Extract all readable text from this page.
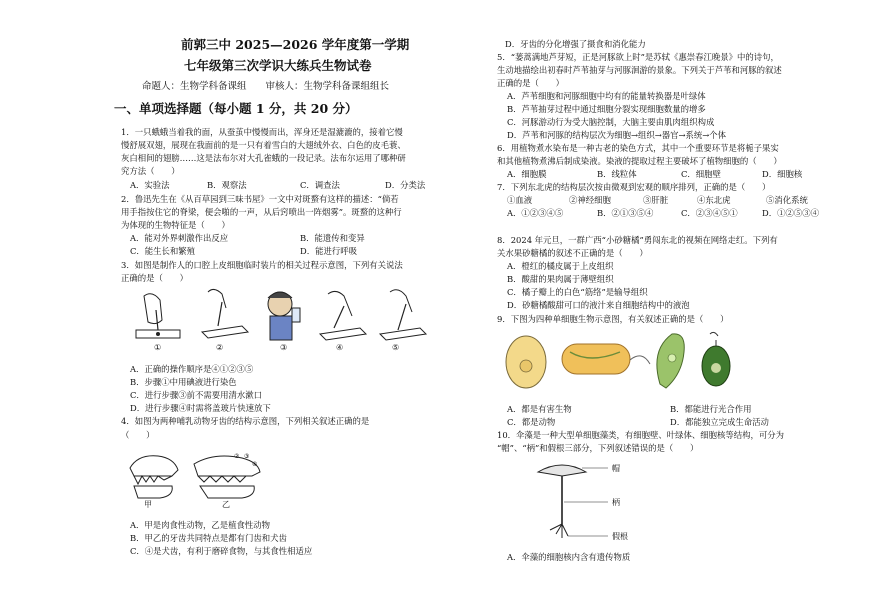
前郭三中 2025—2026 学年度第一学期
七年级第三次学识大练兵生物试卷
命题人：生物学科备课组　　审核人：生物学科备课组组长
一、单项选择题（每小题 1 分，共 20 分）
1．一只蛾蛾当着我的面，从蚕茧中慢慢而出，浑身还是湿漉漉的，接着它慢
慢舒展双翅，展现在我面前的是一只有着雪白的大翅绒外衣、白色的皮毛蓑、
灰白相间的翅膀……这是法布尔对大孔雀蛾的一段记录。法布尔运用了哪种研
究方法（　　）
A．实验法	B．观察法	C．调查法	D．分类法
2．鲁迅先生在《从百草园到三味书屋》一文中对斑蝥有这样的描述：“倘若
用手指按住它的脊梁，便会啪的一声，从后窍喷出一阵烟雾”。斑蝥的这种行
为体现的生物特征是（　　）
A．能对外界刺激作出反应	B．能遗传和变异
C．能生长和繁殖	D．能进行呼吸
3．如图是制作人的口腔上皮细胞临时装片的相关过程示意图，下列有关说法
正确的是（　　）
①	②	③	④	⑤
A．正确的操作顺序是④①②③⑤
B．步骤①中用碘液进行染色
C．进行步骤③前不需要用清水漱口
D．进行步骤④时需将盖玻片快速放下
4．如图为两种哺乳动物牙齿的结构示意图，下列相关叙述正确的是
（　　）
② ③
④
甲	乙
A．甲是肉食性动物，乙是植食性动物
B．甲乙的牙齿共同特点是都有门齿和犬齿
C．④是犬齿，有利于磨碎食物，与其食性相适应
D．牙齿的分化增强了摄食和消化能力
5．“蒌蒿满地芦芽短，正是河豚欲上时”是苏轼《惠崇春江晚景》中的诗句，
生动地描绘出初春时芦苇抽芽与河豚洄游的景象。下列关于芦苇和河豚的叙述
正确的是（　　）
A．芦苇细胞和河豚细胞中均有的能量转换器是叶绿体
B．芦苇抽芽过程中通过细胞分裂实现细胞数量的增多
C．河豚游动行为受大脑控制，大脑主要由肌肉组织构成
D．芦苇和河豚的结构层次为细胞→组织→器官→系统→个体
6．用植物煮水染布是一种古老的染色方式，其中一个重要环节是将栀子果实
和其他植物煮沸后制成染液。染液的提取过程主要破坏了植物细胞的（　　）
A．细胞膜	B．线粒体	C．细胞壁	D．细胞核
7．下列东北虎的结构层次按由微观到宏观的顺序排列，正确的是（　　）
①血液	②神经细胞	③肝脏	④东北虎	⑤消化系统
A．①②③④⑤	B．②①③⑤④	C．②③④⑤①	D．①②⑤③④
8．2024 年元旦，一群广西“小砂糖橘”勇闯东北的视频在网络走红。下列有
关水果砂糖橘的叙述不正确的是（　　）
A．橙红的橘皮属于上皮组织
B．酸甜的果肉属于薄壁组织
C．橘子瓣上的白色“筋络”是输导组织
D．砂糖橘酸甜可口的液汁来自细胞结构中的液泡
9．下图为四种单细胞生物示意图，有关叙述正确的是（　　）
A．都是有害生物	B．都能进行光合作用
C．都是动物	D．都能独立完成生命活动
10．伞藻是一种大型单细胞藻类，有细胞壁、叶绿体、细胞核等结构，可分为
“帽”、“柄”和假根三部分，下列叙述错误的是（　　）
帽
柄
假根
A．伞藻的细胞核内含有遗传物质
